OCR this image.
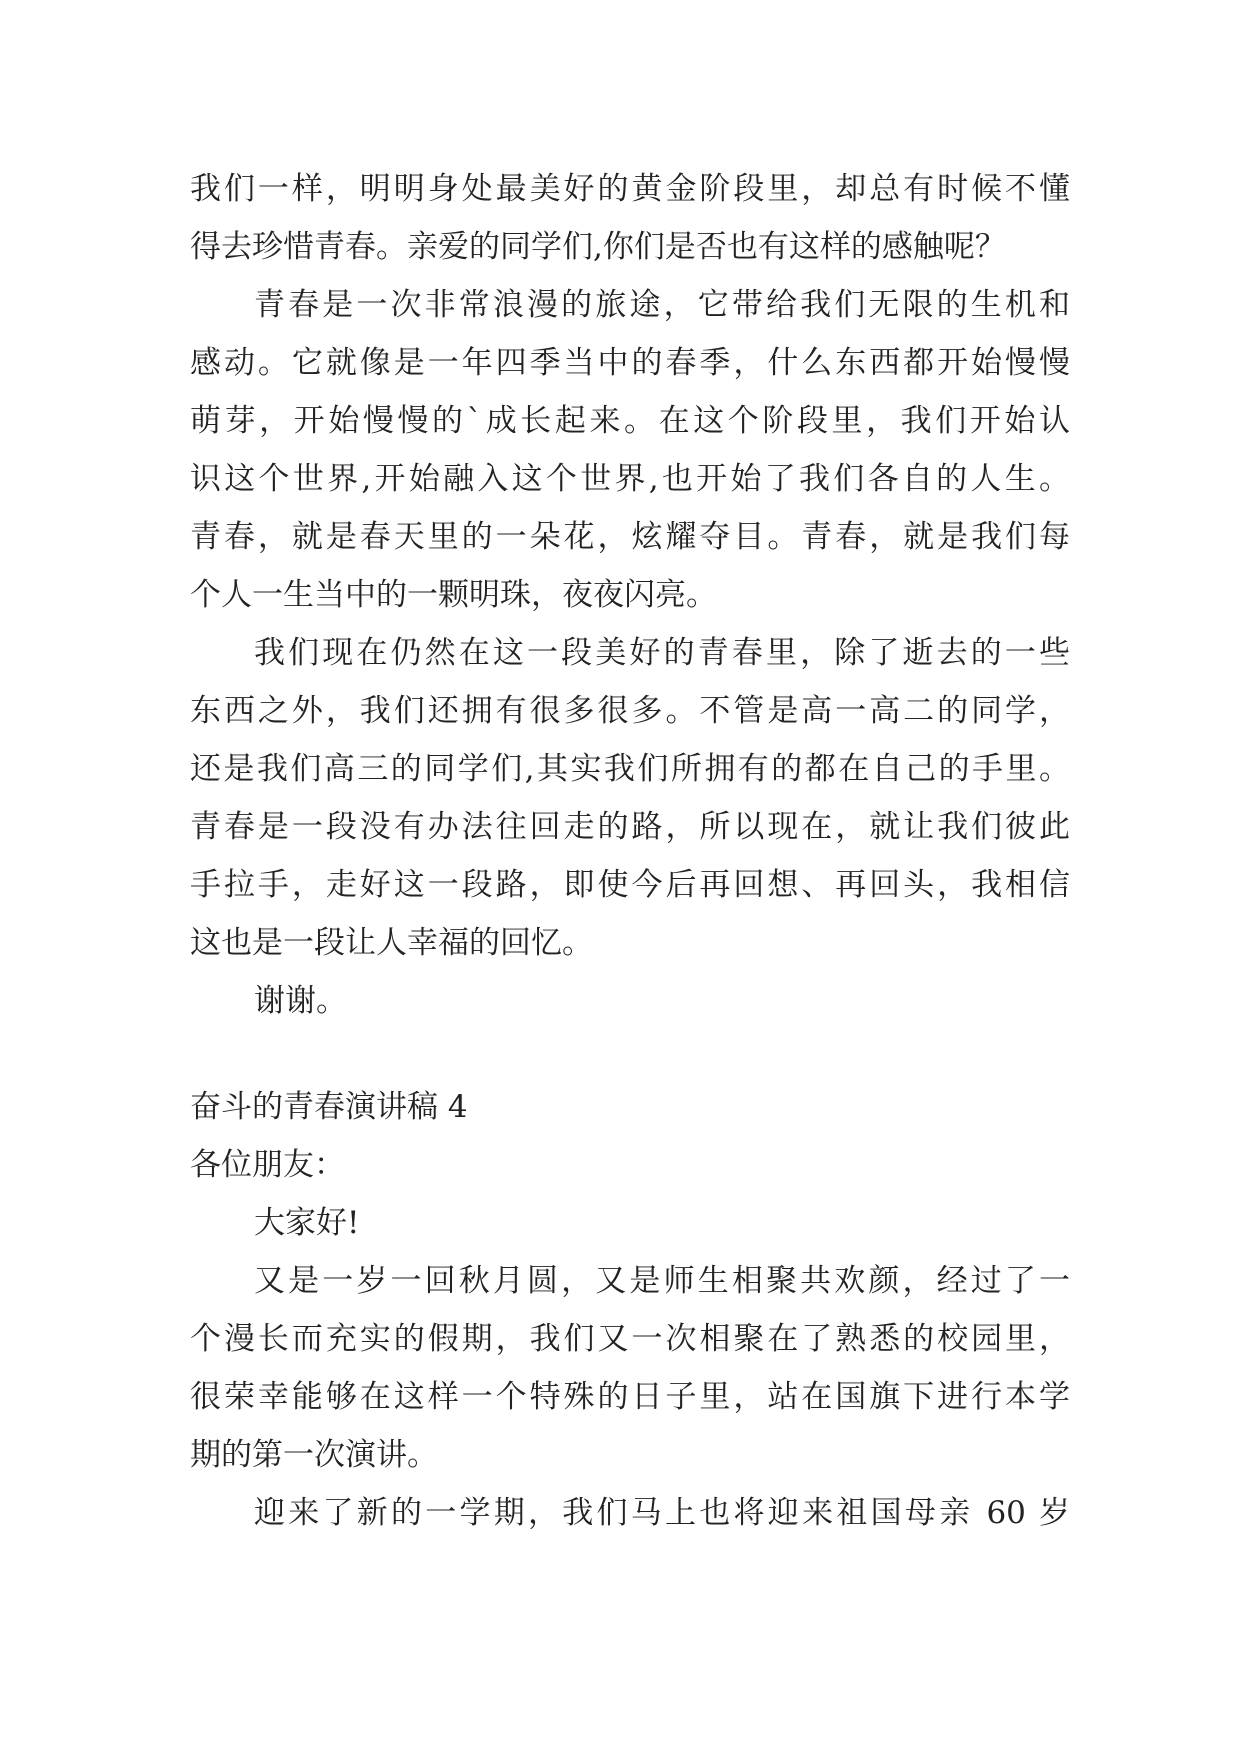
我们一样，明明身处最美好的黄金阶段里，却总有时候不懂
得去珍惜青春。亲爱的同学们,你们是否也有这样的感触呢？
青春是一次非常浪漫的旅途，它带给我们无限的生机和
感动。它就像是一年四季当中的春季，什么东西都开始慢慢
萌芽，开始慢慢的`成长起来。在这个阶段里，我们开始认
识这个世界,开始融入这个世界,也开始了我们各自的人生。
青春，就是春天里的一朵花，炫耀夺目。青春，就是我们每
个人一生当中的一颗明珠，夜夜闪亮。
我们现在仍然在这一段美好的青春里，除了逝去的一些
东西之外，我们还拥有很多很多。不管是高一高二的同学，
还是我们高三的同学们,其实我们所拥有的都在自己的手里。
青春是一段没有办法往回走的路，所以现在，就让我们彼此
手拉手，走好这一段路，即使今后再回想、再回头，我相信
这也是一段让人幸福的回忆。
谢谢。
奋斗的青春演讲稿 4
各位朋友：
大家好!
又是一岁一回秋月圆，又是师生相聚共欢颜，经过了一
个漫长而充实的假期，我们又一次相聚在了熟悉的校园里，
很荣幸能够在这样一个特殊的日子里，站在国旗下进行本学
期的第一次演讲。
迎来了新的一学期，我们马上也将迎来祖国母亲 60 岁
